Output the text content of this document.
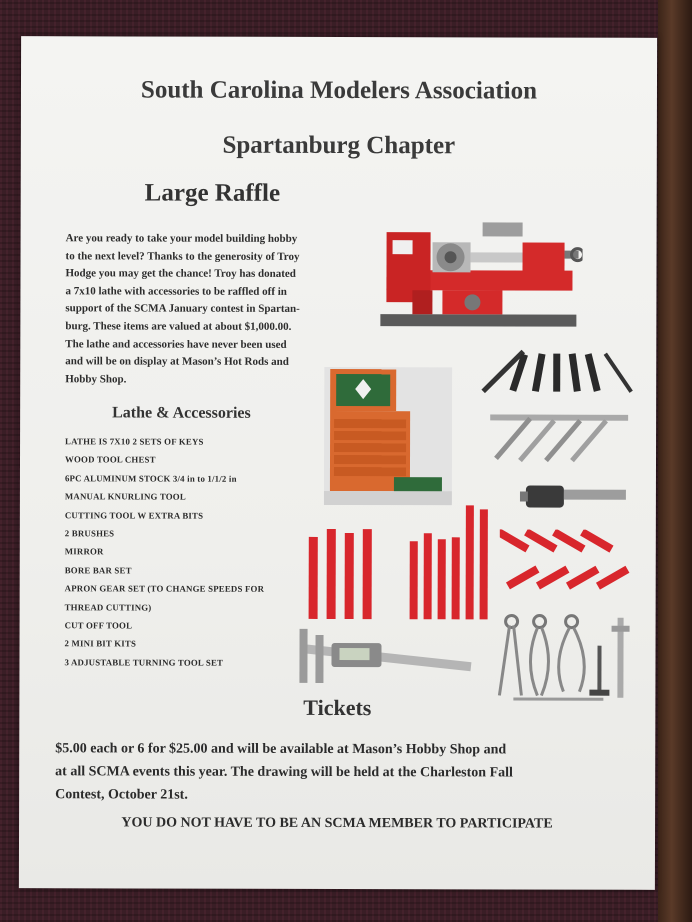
South Carolina Modelers Association
Spartanburg Chapter
Large Raffle
Are you ready to take your model building hobby
to the next level? Thanks to the generosity of Troy
Hodge you may get the chance! Troy has donated
a 7x10 lathe with accessories to be raffled off in
support of the SCMA January contest in Spartan-
burg. These items are valued at about $1,000.00.
The lathe and accessories have never been used
and will be on display at Mason’s Hot Rods and
Hobby Shop.
Lathe & Accessories
LATHE IS 7X10 2 SETS OF KEYS
WOOD TOOL CHEST
6PC ALUMINUM STOCK 3/4 in to 1/1/2 in
MANUAL KNURLING TOOL
CUTTING TOOL W EXTRA BITS
2 BRUSHES
MIRROR
BORE BAR SET
APRON GEAR SET (TO CHANGE SPEEDS FOR
THREAD CUTTING)
CUT OFF TOOL
2 MINI BIT KITS
3 ADJUSTABLE TURNING TOOL SET
Tickets
$5.00 each or 6 for $25.00 and will be available at Mason’s Hobby Shop and
at all SCMA events this year. The drawing will be held at the Charleston Fall
Contest, October 21st.
YOU DO NOT HAVE TO BE AN SCMA MEMBER TO PARTICIPATE
